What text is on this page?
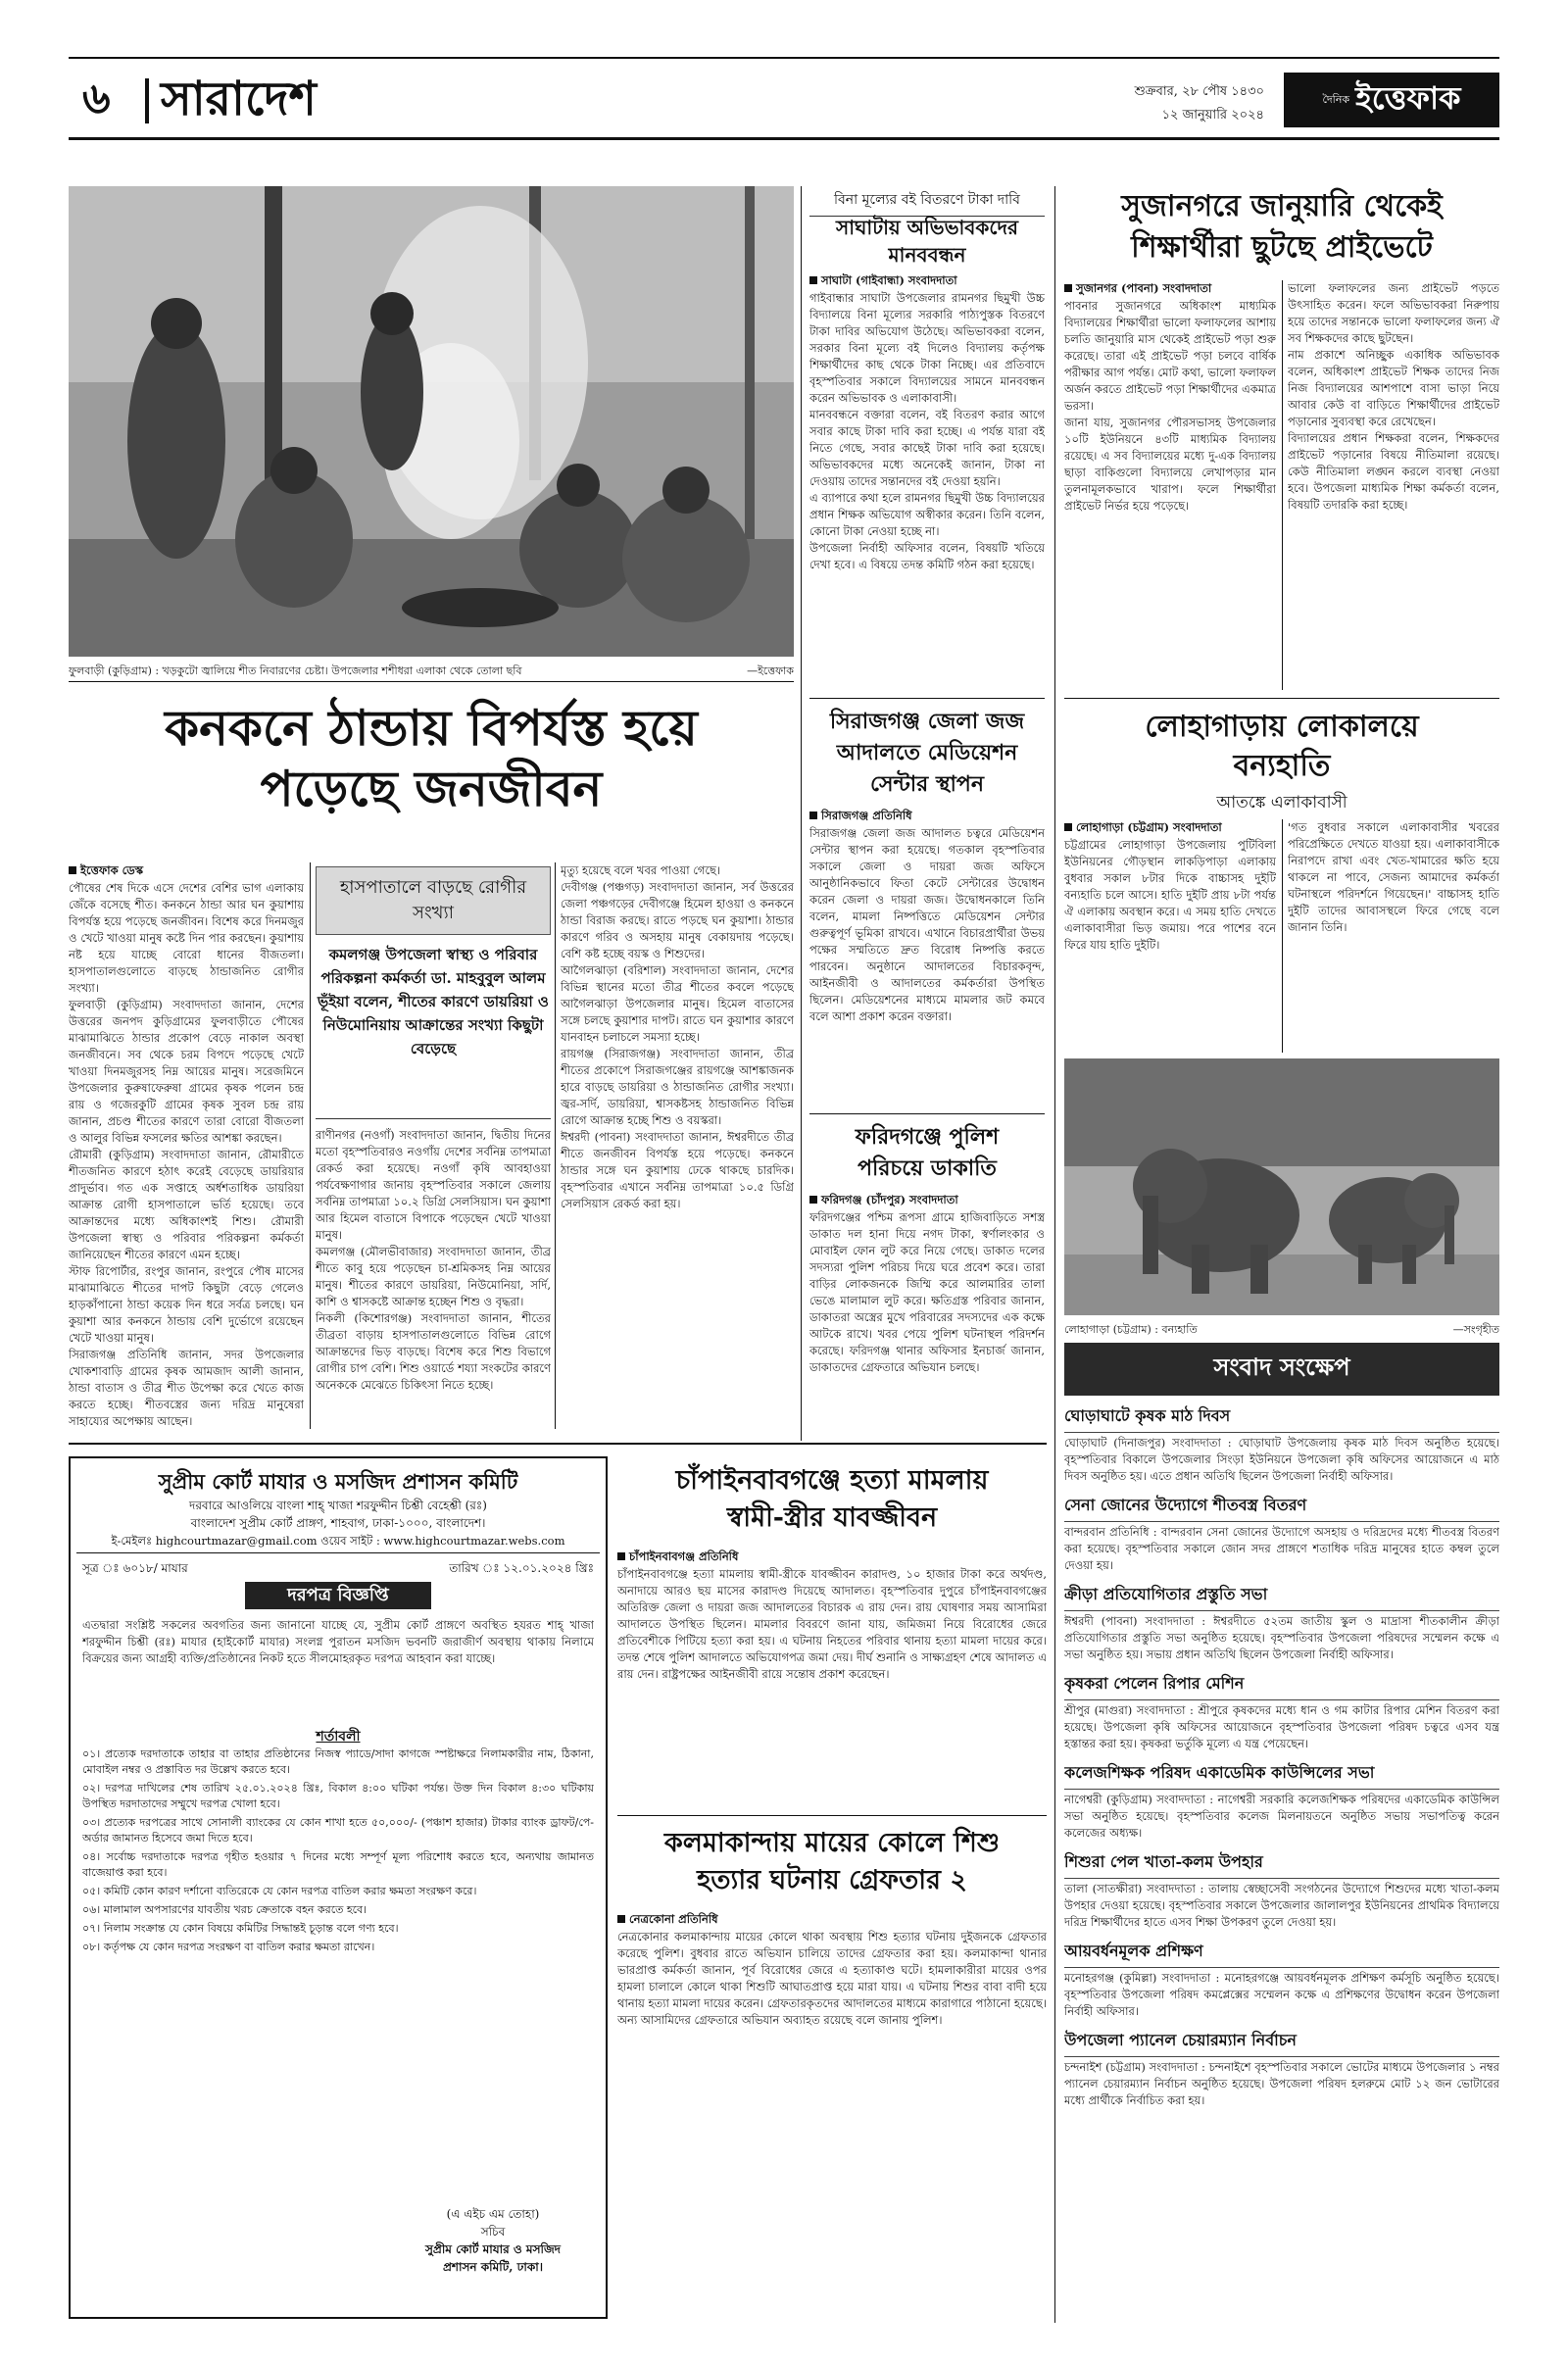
৬ সারাদেশ	শুক্রবার, ২৮ পৌষ ১৪৩০
১২ জানুয়ারি ২০২৪
দৈনিক ইত্তেফাক
ফুলবাড়ী (কুড়িগ্রাম) : খড়কুটো জ্বালিয়ে শীত নিবারণের চেষ্টা। উপজেলার শশীধরা এলাকা থেকে তোলা ছবি	—ইত্তেফাক
কনকনে ঠান্ডায় বিপর্যস্ত হয়ে
পড়েছে জনজীবন
ইত্তেফাক ডেস্ক
পৌষের শেষ দিকে এসে দেশের বেশির ভাগ এলাকায় জেঁকে বসেছে শীত। কনকনে ঠান্ডা আর ঘন কুয়াশায় বিপর্যস্ত হয়ে পড়েছে জনজীবন। বিশেষ করে দিনমজুর ও খেটে খাওয়া মানুষ কষ্টে দিন পার করছেন। কুয়াশায় নষ্ট হয়ে যাচ্ছে বোরো ধানের বীজতলা। হাসপাতালগুলোতে বাড়ছে ঠান্ডাজনিত রোগীর সংখ্যা।
ফুলবাড়ী (কুড়িগ্রাম) সংবাদদাতা জানান, দেশের উত্তরের জনপদ কুড়িগ্রামের ফুলবাড়ীতে পৌষের মাঝামাঝিতে ঠান্ডার প্রকোপ বেড়ে নাকাল অবস্থা জনজীবনে। সব থেকে চরম বিপদে পড়েছে খেটে খাওয়া দিনমজুরসহ নিম্ন আয়ের মানুষ। সরেজমিনে উপজেলার কুরুষাফেরুষা গ্রামের কৃষক পলেন চন্দ্র রায় ও গজেরকুটি গ্রামের কৃষক সুবল চন্দ্র রায় জানান, প্রচণ্ড শীতের কারণে তারা বোরো বীজতলা ও আলুর বিভিন্ন ফসলের ক্ষতির আশঙ্কা করছেন।
রৌমারী (কুড়িগ্রাম) সংবাদদাতা জানান, রৌমারীতে শীতজনিত কারণে হঠাৎ করেই বেড়েছে ডায়রিয়ার প্রাদুর্ভাব। গত এক সপ্তাহে অর্ধশতাধিক ডায়রিয়া আক্রান্ত রোগী হাসপাতালে ভর্তি হয়েছে। তবে আক্রান্তদের মধ্যে অধিকাংশই শিশু। রৌমারী উপজেলা স্বাস্থ্য ও পরিবার পরিকল্পনা কর্মকর্তা জানিয়েছেন শীতের কারণে এমন হচ্ছে।
স্টাফ রিপোর্টার, রংপুর জানান, রংপুরে পৌষ মাসের মাঝামাঝিতে শীতের দাপট কিছুটা বেড়ে গেলেও হাড়কাঁপানো ঠান্ডা কয়েক দিন ধরে সর্বত্র চলছে। ঘন কুয়াশা আর কনকনে ঠান্ডায় বেশি দুর্ভোগে রয়েছেন খেটে খাওয়া মানুষ।
সিরাজগঞ্জ প্রতিনিধি জানান, সদর উপজেলার খোকশাবাড়ি গ্রামের কৃষক আমজাদ আলী জানান, ঠান্ডা বাতাস ও তীব্র শীত উপেক্ষা করে খেতে কাজ করতে হচ্ছে। শীতবস্ত্রের জন্য দরিদ্র মানুষেরা সাহায্যের অপেক্ষায় আছেন।
হাসপাতালে বাড়ছে রোগীর সংখ্যা
কমলগঞ্জ উপজেলা স্বাস্থ্য ও পরিবার পরিকল্পনা কর্মকর্তা ডা. মাহবুবুল আলম ভূঁইয়া বলেন, শীতের কারণে ডায়রিয়া ও নিউমোনিয়ায় আক্রান্তের সংখ্যা কিছুটা বেড়েছে
রাণীনগর (নওগাঁ) সংবাদদাতা জানান, দ্বিতীয় দিনের মতো বৃহস্পতিবারও নওগাঁয় দেশের সর্বনিম্ন তাপমাত্রা রেকর্ড করা হয়েছে। নওগাঁ কৃষি আবহাওয়া পর্যবেক্ষণাগার জানায় বৃহস্পতিবার সকালে জেলায় সর্বনিম্ন তাপমাত্রা ১০.২ ডিগ্রি সেলসিয়াস। ঘন কুয়াশা আর হিমেল বাতাসে বিপাকে পড়েছেন খেটে খাওয়া মানুষ।
কমলগঞ্জ (মৌলভীবাজার) সংবাদদাতা জানান, তীব্র শীতে কাবু হয়ে পড়েছেন চা-শ্রমিকসহ নিম্ন আয়ের মানুষ। শীতের কারণে ডায়রিয়া, নিউমোনিয়া, সর্দি, কাশি ও শ্বাসকষ্টে আক্রান্ত হচ্ছেন শিশু ও বৃদ্ধরা।
নিকলী (কিশোরগঞ্জ) সংবাদদাতা জানান, শীতের তীব্রতা বাড়ায় হাসপাতালগুলোতে বিভিন্ন রোগে আক্রান্তদের ভিড় বাড়ছে। বিশেষ করে শিশু বিভাগে রোগীর চাপ বেশি। শিশু ওয়ার্ডে শয্যা সংকটের কারণে অনেককে মেঝেতে চিকিৎসা নিতে হচ্ছে।
মৃত্যু হয়েছে বলে খবর পাওয়া গেছে।
দেবীগঞ্জ (পঞ্চগড়) সংবাদদাতা জানান, সর্ব উত্তরের জেলা পঞ্চগড়ের দেবীগঞ্জে হিমেল হাওয়া ও কনকনে ঠান্ডা বিরাজ করছে। রাতে পড়ছে ঘন কুয়াশা। ঠান্ডার কারণে গরিব ও অসহায় মানুষ বেকায়দায় পড়েছে। বেশি কষ্ট হচ্ছে বয়স্ক ও শিশুদের।
আগৈলঝাড়া (বরিশাল) সংবাদদাতা জানান, দেশের বিভিন্ন স্থানের মতো তীব্র শীতের কবলে পড়েছে আগৈলঝাড়া উপজেলার মানুষ। হিমেল বাতাসের সঙ্গে চলছে কুয়াশার দাপট। রাতে ঘন কুয়াশার কারণে যানবাহন চলাচলে সমস্যা হচ্ছে।
রায়গঞ্জ (সিরাজগঞ্জ) সংবাদদাতা জানান, তীব্র শীতের প্রকোপে সিরাজগঞ্জের রায়গঞ্জে আশঙ্কাজনক হারে বাড়ছে ডায়রিয়া ও ঠান্ডাজনিত রোগীর সংখ্যা। জ্বর-সর্দি, ডায়রিয়া, শ্বাসকষ্টসহ ঠান্ডাজনিত বিভিন্ন রোগে আক্রান্ত হচ্ছে শিশু ও বয়স্করা।
ঈশ্বরদী (পাবনা) সংবাদদাতা জানান, ঈশ্বরদীতে তীব্র শীতে জনজীবন বিপর্যস্ত হয়ে পড়েছে। কনকনে ঠান্ডার সঙ্গে ঘন কুয়াশায় ঢেকে থাকছে চারদিক। বৃহস্পতিবার এখানে সর্বনিম্ন তাপমাত্রা ১০.৫ ডিগ্রি সেলসিয়াস রেকর্ড করা হয়।
বিনা মূল্যের বই বিতরণে টাকা দাবি
সাঘাটায় অভিভাবকদের মানববন্ধন
সাঘাটা (গাইবান্ধা) সংবাদদাতা
গাইবান্ধার সাঘাটা উপজেলার রামনগর ছিমুখী উচ্চ বিদ্যালয়ে বিনা মূল্যের সরকারি পাঠ্যপুস্তক বিতরণে টাকা দাবির অভিযোগ উঠেছে। অভিভাবকরা বলেন, সরকার বিনা মূল্যে বই দিলেও বিদ্যালয় কর্তৃপক্ষ শিক্ষার্থীদের কাছ থেকে টাকা নিচ্ছে। এর প্রতিবাদে বৃহস্পতিবার সকালে বিদ্যালয়ের সামনে মানববন্ধন করেন অভিভাবক ও এলাকাবাসী।
মানববন্ধনে বক্তারা বলেন, বই বিতরণ করার আগে সবার কাছে টাকা দাবি করা হচ্ছে। এ পর্যন্ত যারা বই নিতে গেছে, সবার কাছেই টাকা দাবি করা হয়েছে। অভিভাবকদের মধ্যে অনেকেই জানান, টাকা না দেওয়ায় তাদের সন্তানদের বই দেওয়া হয়নি।
এ ব্যাপারে কথা হলে রামনগর ছিমুখী উচ্চ বিদ্যালয়ের প্রধান শিক্ষক অভিযোগ অস্বীকার করেন। তিনি বলেন, কোনো টাকা নেওয়া হচ্ছে না।
উপজেলা নির্বাহী অফিসার বলেন, বিষয়টি খতিয়ে দেখা হবে। এ বিষয়ে তদন্ত কমিটি গঠন করা হয়েছে।
সিরাজগঞ্জ জেলা জজ
আদালতে মেডিয়েশন
সেন্টার স্থাপন
সিরাজগঞ্জ প্রতিনিধি
সিরাজগঞ্জ জেলা জজ আদালত চত্বরে মেডিয়েশন সেন্টার স্থাপন করা হয়েছে। গতকাল বৃহস্পতিবার সকালে জেলা ও দায়রা জজ অফিসে আনুষ্ঠানিকভাবে ফিতা কেটে সেন্টারের উদ্বোধন করেন জেলা ও দায়রা জজ। উদ্বোধনকালে তিনি বলেন, মামলা নিষ্পত্তিতে মেডিয়েশন সেন্টার গুরুত্বপূর্ণ ভূমিকা রাখবে। এখানে বিচারপ্রার্থীরা উভয় পক্ষের সম্মতিতে দ্রুত বিরোধ নিষ্পত্তি করতে পারবেন। অনুষ্ঠানে আদালতের বিচারকবৃন্দ, আইনজীবী ও আদালতের কর্মকর্তারা উপস্থিত ছিলেন। মেডিয়েশনের মাধ্যমে মামলার জট কমবে বলে আশা প্রকাশ করেন বক্তারা।
ফরিদগঞ্জে পুলিশ
পরিচয়ে ডাকাতি
ফরিদগঞ্জ (চাঁদপুর) সংবাদদাতা
ফরিদগঞ্জের পশ্চিম রূপসা গ্রামে হাজিবাড়িতে সশস্ত্র ডাকাত দল হানা দিয়ে নগদ টাকা, স্বর্ণালংকার ও মোবাইল ফোন লুট করে নিয়ে গেছে। ডাকাত দলের সদস্যরা পুলিশ পরিচয় দিয়ে ঘরে প্রবেশ করে। তারা বাড়ির লোকজনকে জিম্মি করে আলমারির তালা ভেঙে মালামাল লুট করে। ক্ষতিগ্রস্ত পরিবার জানান, ডাকাতরা অস্ত্রের মুখে পরিবারের সদস্যদের এক কক্ষে আটকে রাখে। খবর পেয়ে পুলিশ ঘটনাস্থল পরিদর্শন করেছে। ফরিদগঞ্জ থানার অফিসার ইনচার্জ জানান, ডাকাতদের গ্রেফতারে অভিযান চলছে।
সুজানগরে জানুয়ারি থেকেই
শিক্ষার্থীরা ছুটছে প্রাইভেটে
সুজানগর (পাবনা) সংবাদদাতা
পাবনার সুজানগরে অধিকাংশ মাধ্যমিক বিদ্যালয়ের শিক্ষার্থীরা ভালো ফলাফলের আশায় চলতি জানুয়ারি মাস থেকেই প্রাইভেট পড়া শুরু করেছে। তারা এই প্রাইভেট পড়া চলবে বার্ষিক পরীক্ষার আগ পর্যন্ত। মোট কথা, ভালো ফলাফল অর্জন করতে প্রাইভেট পড়া শিক্ষার্থীদের একমাত্র ভরসা।
জানা যায়, সুজানগর পৌরসভাসহ উপজেলার ১০টি ইউনিয়নে ৪৩টি মাধ্যমিক বিদ্যালয় রয়েছে। এ সব বিদ্যালয়ের মধ্যে দু-এক বিদ্যালয় ছাড়া বাকিগুলো বিদ্যালয়ে লেখাপড়ার মান তুলনামূলকভাবে খারাপ। ফলে শিক্ষার্থীরা প্রাইভেট নির্ভর হয়ে পড়েছে।
ভালো ফলাফলের জন্য প্রাইভেট পড়তে উৎসাহিত করেন। ফলে অভিভাবকরা নিরুপায় হয়ে তাদের সন্তানকে ভালো ফলাফলের জন্য ঐ সব শিক্ষকদের কাছে ছুটছেন।
নাম প্রকাশে অনিচ্ছুক একাধিক অভিভাবক বলেন, অধিকাংশ প্রাইভেট শিক্ষক তাদের নিজ নিজ বিদ্যালয়ের আশপাশে বাসা ভাড়া নিয়ে আবার কেউ বা বাড়িতে শিক্ষার্থীদের প্রাইভেট পড়ানোর সুব্যবস্থা করে রেখেছেন।
বিদ্যালয়ের প্রধান শিক্ষকরা বলেন, শিক্ষকদের প্রাইভেট পড়ানোর বিষয়ে নীতিমালা রয়েছে। কেউ নীতিমালা লঙ্ঘন করলে ব্যবস্থা নেওয়া হবে। উপজেলা মাধ্যমিক শিক্ষা কর্মকর্তা বলেন, বিষয়টি তদারকি করা হচ্ছে।
লোহাগাড়ায় লোকালয়ে
বন্যহাতি
আতঙ্কে এলাকাবাসী
লোহাগাড়া (চট্টগ্রাম) সংবাদদাতা
চট্টগ্রামের লোহাগাড়া উপজেলায় পুটিবিলা ইউনিয়নের গৌড়স্থান লাকড়িপাড়া এলাকায় বুধবার সকাল ৮টার দিকে বাচ্চাসহ দুইটি বন্যহাতি চলে আসে। হাতি দুইটি প্রায় ৮টা পর্যন্ত ঐ এলাকায় অবস্থান করে। এ সময় হাতি দেখতে এলাকাবাসীরা ভিড় জমায়। পরে পাশের বনে ফিরে যায় হাতি দুইটি।
'গত বুধবার সকালে এলাকাবাসীর খবরের পরিপ্রেক্ষিতে দেখতে যাওয়া হয়। এলাকাবাসীকে নিরাপদে রাখা এবং খেত-খামারের ক্ষতি হয়ে থাকলে না পাবে, সেজন্য আমাদের কর্মকর্তা ঘটনাস্থলে পরিদর্শনে গিয়েছেন।' বাচ্চাসহ হাতি দুইটি তাদের আবাসস্থলে ফিরে গেছে বলে জানান তিনি।
লোহাগাড়া (চট্টগ্রাম) : বন্যহাতি	—সংগৃহীত
সংবাদ সংক্ষেপ
ঘোড়াঘাটে কৃষক মাঠ দিবস
ঘোড়াঘাট (দিনাজপুর) সংবাদদাতা : ঘোড়াঘাট উপজেলায় কৃষক মাঠ দিবস অনুষ্ঠিত হয়েছে। বৃহস্পতিবার বিকালে উপজেলার সিংড়া ইউনিয়নে উপজেলা কৃষি অফিসের আয়োজনে এ মাঠ দিবস অনুষ্ঠিত হয়। এতে প্রধান অতিথি ছিলেন উপজেলা নির্বাহী অফিসার।
সেনা জোনের উদ্যোগে শীতবস্ত্র বিতরণ
বান্দরবান প্রতিনিধি : বান্দরবান সেনা জোনের উদ্যোগে অসহায় ও দরিদ্রদের মধ্যে শীতবস্ত্র বিতরণ করা হয়েছে। বৃহস্পতিবার সকালে জোন সদর প্রাঙ্গণে শতাধিক দরিদ্র মানুষের হাতে কম্বল তুলে দেওয়া হয়।
ক্রীড়া প্রতিযোগিতার প্রস্তুতি সভা
ঈশ্বরদী (পাবনা) সংবাদদাতা : ঈশ্বরদীতে ৫২তম জাতীয় স্কুল ও মাদ্রাসা শীতকালীন ক্রীড়া প্রতিযোগিতার প্রস্তুতি সভা অনুষ্ঠিত হয়েছে। বৃহস্পতিবার উপজেলা পরিষদের সম্মেলন কক্ষে এ সভা অনুষ্ঠিত হয়। সভায় প্রধান অতিথি ছিলেন উপজেলা নির্বাহী অফিসার।
কৃষকরা পেলেন রিপার মেশিন
শ্রীপুর (মাগুরা) সংবাদদাতা : শ্রীপুরে কৃষকদের মধ্যে ধান ও গম কাটার রিপার মেশিন বিতরণ করা হয়েছে। উপজেলা কৃষি অফিসের আয়োজনে বৃহস্পতিবার উপজেলা পরিষদ চত্বরে এসব যন্ত্র হস্তান্তর করা হয়। কৃষকরা ভর্তুকি মূল্যে এ যন্ত্র পেয়েছেন।
কলেজশিক্ষক পরিষদ একাডেমিক কাউন্সিলের সভা
নাগেশ্বরী (কুড়িগ্রাম) সংবাদদাতা : নাগেশ্বরী সরকারি কলেজশিক্ষক পরিষদের একাডেমিক কাউন্সিল সভা অনুষ্ঠিত হয়েছে। বৃহস্পতিবার কলেজ মিলনায়তনে অনুষ্ঠিত সভায় সভাপতিত্ব করেন কলেজের অধ্যক্ষ।
শিশুরা পেল খাতা-কলম উপহার
তালা (সাতক্ষীরা) সংবাদদাতা : তালায় স্বেচ্ছাসেবী সংগঠনের উদ্যোগে শিশুদের মধ্যে খাতা-কলম উপহার দেওয়া হয়েছে। বৃহস্পতিবার সকালে উপজেলার জালালপুর ইউনিয়নের প্রাথমিক বিদ্যালয়ে দরিদ্র শিক্ষার্থীদের হাতে এসব শিক্ষা উপকরণ তুলে দেওয়া হয়।
আয়বর্ধনমূলক প্রশিক্ষণ
মনোহরগঞ্জ (কুমিল্লা) সংবাদদাতা : মনোহরগঞ্জে আয়বর্ধনমূলক প্রশিক্ষণ কর্মসূচি অনুষ্ঠিত হয়েছে। বৃহস্পতিবার উপজেলা পরিষদ কমপ্লেক্সের সম্মেলন কক্ষে এ প্রশিক্ষণের উদ্বোধন করেন উপজেলা নির্বাহী অফিসার।
উপজেলা প্যানেল চেয়ারম্যান নির্বাচন
চন্দনাইশ (চট্টগ্রাম) সংবাদদাতা : চন্দনাইশে বৃহস্পতিবার সকালে ভোটের মাধ্যমে উপজেলার ১ নম্বর প্যানেল চেয়ারম্যান নির্বাচন অনুষ্ঠিত হয়েছে। উপজেলা পরিষদ হলরুমে মোট ১২ জন ভোটারের মধ্যে প্রার্থীকে নির্বাচিত করা হয়।
সুপ্রীম কোর্ট মাযার ও মসজিদ প্রশাসন কমিটি
দরবারে আওলিয়ে বাংলা শাহ্ খাজা শরফুদ্দীন চিশ্তী বেহেশ্তী (রঃ)
বাংলাদেশ সুপ্রীম কোর্ট প্রাঙ্গণ, শাহবাগ, ঢাকা-১০০০, বাংলাদেশ।
ই-মেইলঃ highcourtmazar@gmail.com ওয়েব সাইট : www.highcourtmazar.webs.com
সূত্র ঃ ৬০১৮/ মাযার	তারিখ ঃ ১২.০১.২০২৪ খ্রিঃ
দরপত্র বিজ্ঞপ্তি
এতদ্বারা সংশ্লিষ্ট সকলের অবগতির জন্য জানানো যাচ্ছে যে, সুপ্রীম কোর্ট প্রাঙ্গণে অবস্থিত হযরত শাহ্ খাজা শরফুদ্দীন চিশ্তী (রঃ) মাযার (হাইকোর্ট মাযার) সংলগ্ন পুরাতন মসজিদ ভবনটি জরাজীর্ণ অবস্থায় থাকায় নিলামে বিক্রয়ের জন্য আগ্রহী ব্যক্তি/প্রতিষ্ঠানের নিকট হতে সীলমোহরকৃত দরপত্র আহবান করা যাচ্ছে।
শর্তাবলী
০১। প্রত্যেক দরদাতাকে তাহার বা তাহার প্রতিষ্ঠানের নিজস্ব প্যাডে/সাদা কাগজে স্পষ্টাক্ষরে নিলামকারীর নাম, ঠিকানা, মোবাইল নম্বর ও প্রস্তাবিত দর উল্লেখ করতে হবে।
০২। দরপত্র দাখিলের শেষ তারিখ ২৫.০১.২০২৪ খ্রিঃ, বিকাল ৪:০০ ঘটিকা পর্যন্ত। উক্ত দিন বিকাল ৪:৩০ ঘটিকায় উপস্থিত দরদাতাদের সম্মুখে দরপত্র খোলা হবে।
০৩। প্রত্যেক দরপত্রের সাথে সোনালী ব্যাংকের যে কোন শাখা হতে ৫০,০০০/- (পঞ্চাশ হাজার) টাকার ব্যাংক ড্রাফট/পে-অর্ডার জামানত হিসেবে জমা দিতে হবে।
০৪। সর্বোচ্চ দরদাতাকে দরপত্র গৃহীত হওয়ার ৭ দিনের মধ্যে সম্পূর্ণ মূল্য পরিশোধ করতে হবে, অন্যথায় জামানত বাজেয়াপ্ত করা হবে।
০৫। কমিটি কোন কারণ দর্শানো ব্যতিরেকে যে কোন দরপত্র বাতিল করার ক্ষমতা সংরক্ষণ করে।
০৬। মালামাল অপসারণের যাবতীয় খরচ ক্রেতাকে বহন করতে হবে।
০৭। নিলাম সংক্রান্ত যে কোন বিষয়ে কমিটির সিদ্ধান্তই চূড়ান্ত বলে গণ্য হবে।
০৮। কর্তৃপক্ষ যে কোন দরপত্র সংরক্ষণ বা বাতিল করার ক্ষমতা রাখেন।
(এ এইচ এম তোহা)
সচিব
সুপ্রীম কোর্ট মাযার ও মসজিদ
প্রশাসন কমিটি, ঢাকা।
চাঁপাইনবাবগঞ্জে হত্যা মামলায়
স্বামী-স্ত্রীর যাবজ্জীবন
চাঁপাইনবাবগঞ্জ প্রতিনিধি
চাঁপাইনবাবগঞ্জে হত্যা মামলায় স্বামী-স্ত্রীকে যাবজ্জীবন কারাদণ্ড, ১০ হাজার টাকা করে অর্থদণ্ড, অনাদায়ে আরও ছয় মাসের কারাদণ্ড দিয়েছে আদালত। বৃহস্পতিবার দুপুরে চাঁপাইনবাবগঞ্জের অতিরিক্ত জেলা ও দায়রা জজ আদালতের বিচারক এ রায় দেন। রায় ঘোষণার সময় আসামিরা আদালতে উপস্থিত ছিলেন। মামলার বিবরণে জানা যায়, জমিজমা নিয়ে বিরোধের জেরে প্রতিবেশীকে পিটিয়ে হত্যা করা হয়। এ ঘটনায় নিহতের পরিবার থানায় হত্যা মামলা দায়ের করে। তদন্ত শেষে পুলিশ আদালতে অভিযোগপত্র জমা দেয়। দীর্ঘ শুনানি ও সাক্ষ্যগ্রহণ শেষে আদালত এ রায় দেন। রাষ্ট্রপক্ষের আইনজীবী রায়ে সন্তোষ প্রকাশ করেছেন।
কলমাকান্দায় মায়ের কোলে শিশু
হত্যার ঘটনায় গ্রেফতার ২
নেত্রকোনা প্রতিনিধি
নেত্রকোনার কলমাকান্দায় মায়ের কোলে থাকা অবস্থায় শিশু হত্যার ঘটনায় দুইজনকে গ্রেফতার করেছে পুলিশ। বুধবার রাতে অভিযান চালিয়ে তাদের গ্রেফতার করা হয়। কলমাকান্দা থানার ভারপ্রাপ্ত কর্মকর্তা জানান, পূর্ব বিরোধের জেরে এ হত্যাকাণ্ড ঘটে। হামলাকারীরা মায়ের ওপর হামলা চালালে কোলে থাকা শিশুটি আঘাতপ্রাপ্ত হয়ে মারা যায়। এ ঘটনায় শিশুর বাবা বাদী হয়ে থানায় হত্যা মামলা দায়ের করেন। গ্রেফতারকৃতদের আদালতের মাধ্যমে কারাগারে পাঠানো হয়েছে। অন্য আসামিদের গ্রেফতারে অভিযান অব্যাহত রয়েছে বলে জানায় পুলিশ।
